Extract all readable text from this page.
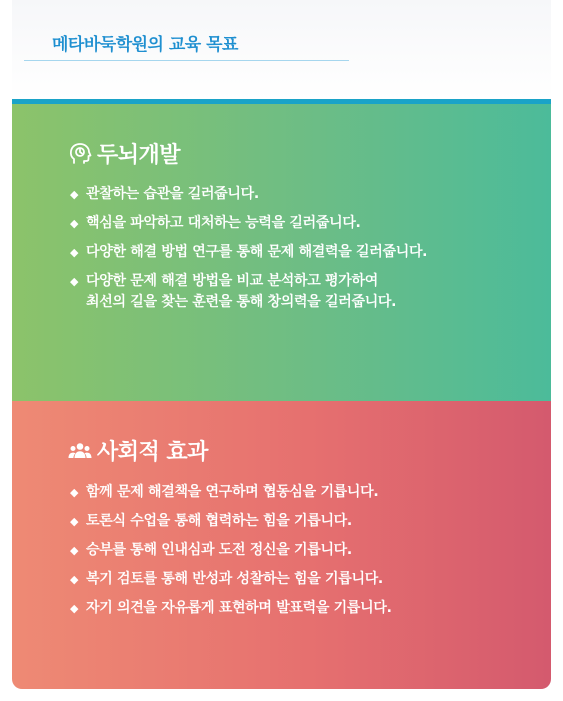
메타바둑학원의 교육 목표
두뇌개발
◆ 관찰하는 습관을 길러줍니다.
◆ 핵심을 파악하고 대처하는 능력을 길러줍니다.
◆ 다양한 해결 방법 연구를 통해 문제 해결력을 길러줍니다.
◆ 다양한 문제 해결 방법을 비교 분석하고 평가하여
최선의 길을 찾는 훈련을 통해 창의력을 길러줍니다.
사회적 효과
◆ 함께 문제 해결책을 연구하며 협동심을 기릅니다.
◆ 토론식 수업을 통해 협력하는 힘을 기릅니다.
◆ 승부를 통해 인내심과 도전 정신을 기릅니다.
◆ 복기 검토를 통해 반성과 성찰하는 힘을 기릅니다.
◆ 자기 의견을 자유롭게 표현하며 발표력을 기릅니다.
